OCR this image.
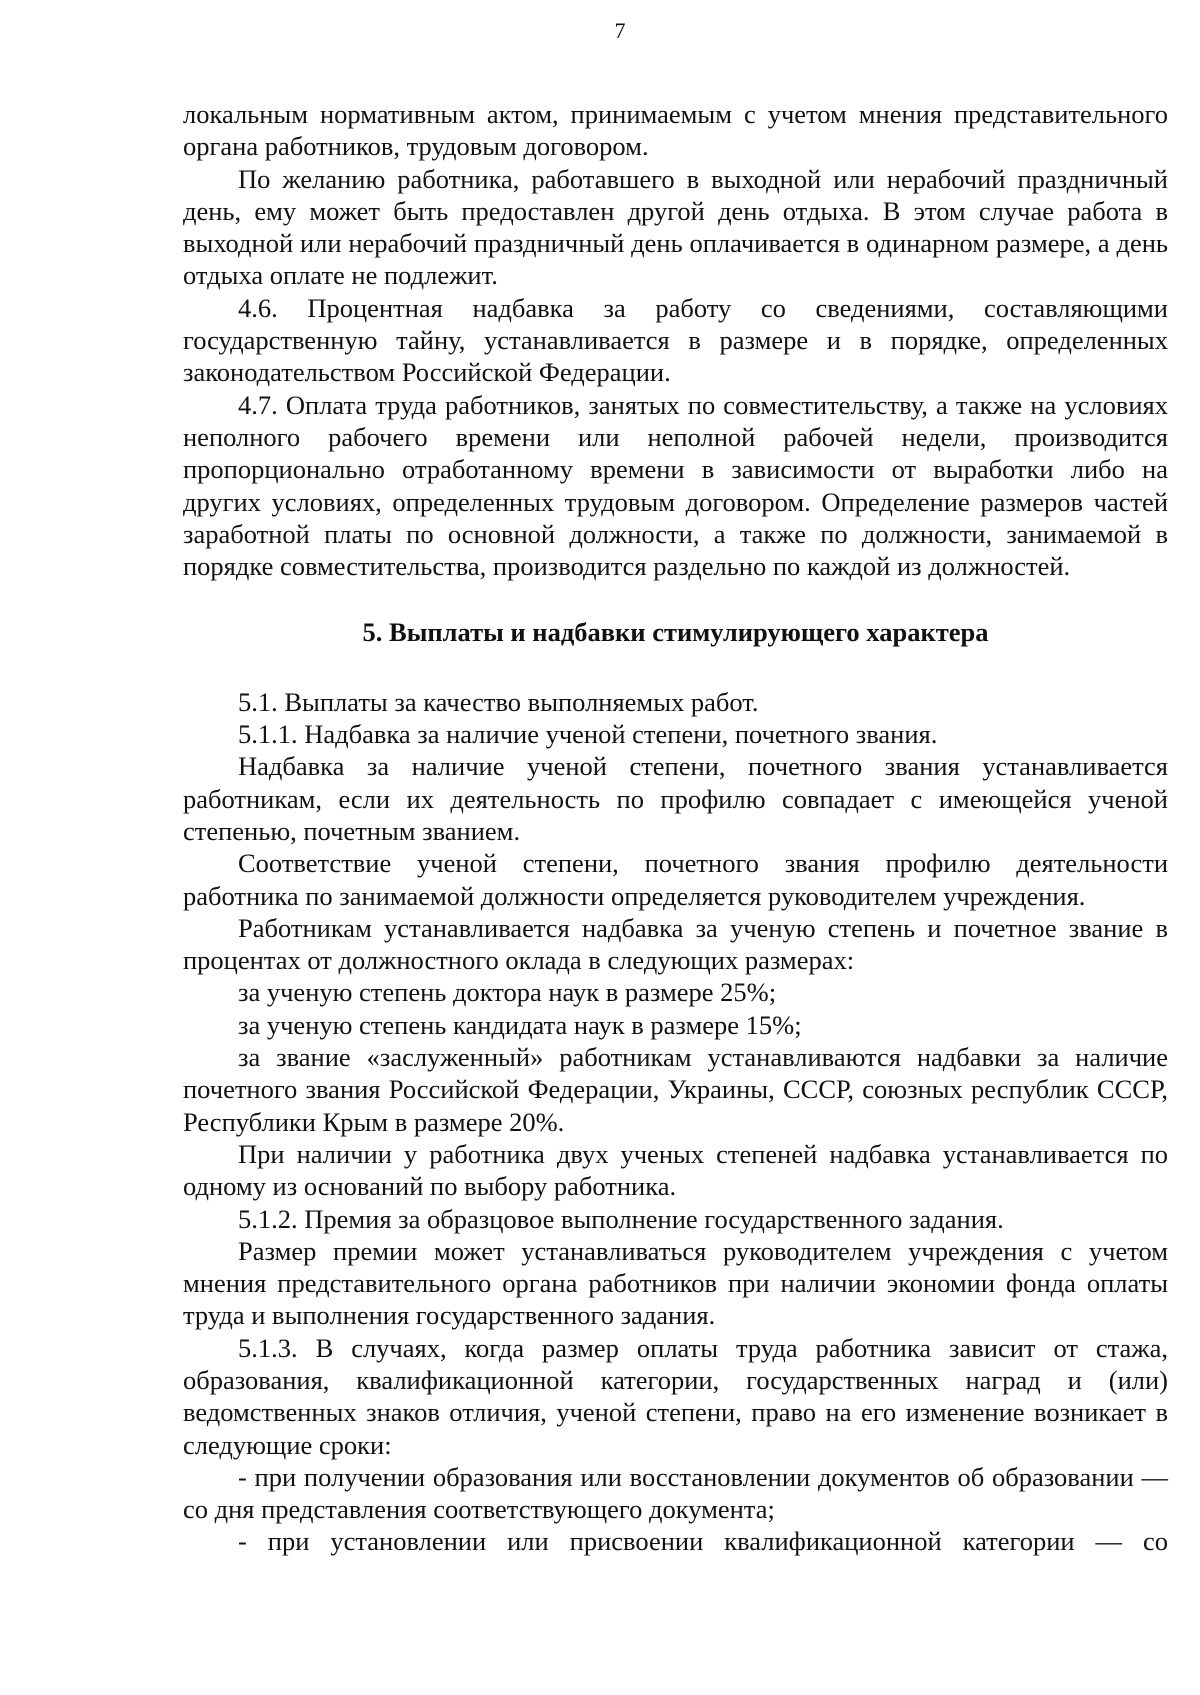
7

локальным нормативным актом, принимаемым с учетом мнения представительного органа работников, трудовым договором.

По желанию работника, работавшего в выходной или нерабочий праздничный день, ему может быть предоставлен другой день отдыха. В этом случае работа в выходной или нерабочий праздничный день оплачивается в одинарном размере, а день отдыха оплате не подлежит.

4.6. Процентная надбавка за работу со сведениями, составляющими государственную тайну, устанавливается в размере и в порядке, определенных законодательством Российской Федерации.

4.7. Оплата труда работников, занятых по совместительству, а также на условиях неполного рабочего времени или неполной рабочей недели, производится пропорционально отработанному времени в зависимости от выработки либо на других условиях, определенных трудовым договором. Определение размеров частей заработной платы по основной должности, а также по должности, занимаемой в порядке совместительства, производится раздельно по каждой из должностей.

5. Выплаты и надбавки стимулирующего характера

5.1. Выплаты за качество выполняемых работ.

5.1.1. Надбавка за наличие ученой степени, почетного звания.

Надбавка за наличие ученой степени, почетного звания устанавливается работникам, если их деятельность по профилю совпадает с имеющейся ученой степенью, почетным званием.

Соответствие ученой степени, почетного звания профилю деятельности работника по занимаемой должности определяется руководителем учреждения.

Работникам устанавливается надбавка за ученую степень и почетное звание в процентах от должностного оклада в следующих размерах:

за ученую степень доктора наук в размере 25%;

за ученую степень кандидата наук в размере 15%;

за звание «заслуженный» работникам устанавливаются надбавки за наличие почетного звания Российской Федерации, Украины, СССР, союзных республик СССР, Республики Крым в размере 20%.

При наличии у работника двух ученых степеней надбавка устанавливается по одному из оснований по выбору работника.

5.1.2. Премия за образцовое выполнение государственного задания.

Размер премии может устанавливаться руководителем учреждения с учетом мнения представительного органа работников при наличии экономии фонда оплаты труда и выполнения государственного задания.

5.1.3. В случаях, когда размер оплаты труда работника зависит от стажа, образования, квалификационной категории, государственных наград и (или) ведомственных знаков отличия, ученой степени, право на его изменение возникает в следующие сроки:

- при получении образования или восстановлении документов об образовании — со дня представления соответствующего документа;

- при установлении или присвоении квалификационной категории — со
